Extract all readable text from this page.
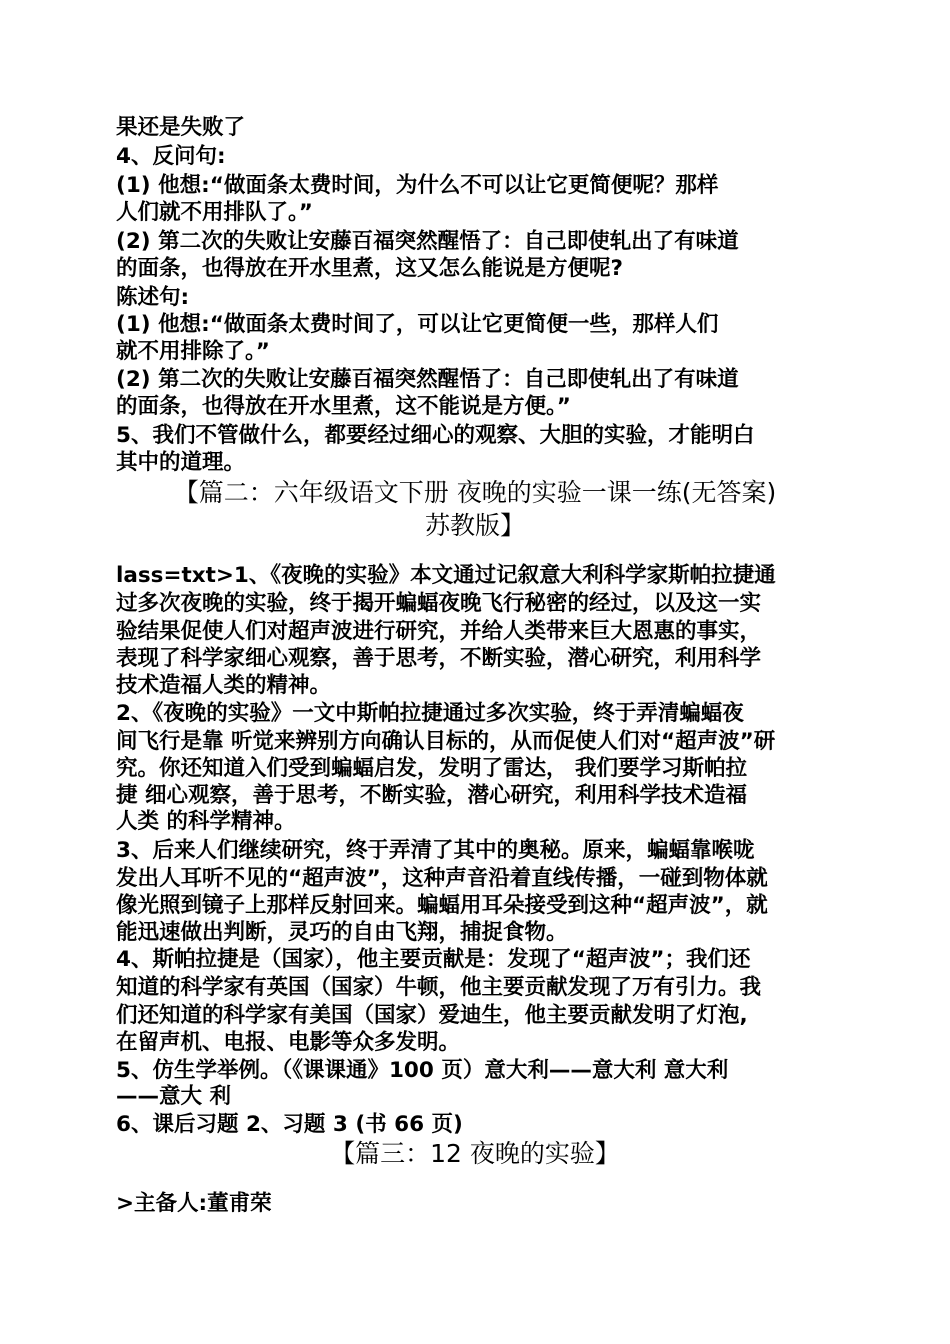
果还是失败了
4、反问句:
(1) 他想:“做面条太费时间，为什么不可以让它更简便呢？那样
人们就不用排队了。”
(2) 第二次的失败让安藤百福突然醒悟了：自己即使轧出了有味道
的面条，也得放在开水里煮，这又怎么能说是方便呢?
陈述句:
(1) 他想:“做面条太费时间了，可以让它更简便一些，那样人们
就不用排除了。”
(2) 第二次的失败让安藤百福突然醒悟了：自己即使轧出了有味道
的面条，也得放在开水里煮，这不能说是方便。”
5、我们不管做什么，都要经过细心的观察、大胆的实验，才能明白
其中的道理。
【篇二：六年级语文下册 夜晚的实验一课一练(无答案)
苏教版】
lass=txt>1、《夜晚的实验》本文通过记叙意大利科学家斯帕拉捷通
过多次夜晚的实验，终于揭开蝙蝠夜晚飞行秘密的经过，以及这一实
验结果促使人们对超声波进行研究，并给人类带来巨大恩惠的事实，
表现了科学家细心观察，善于思考，不断实验，潜心研究，利用科学
技术造福人类的精神。
2、《夜晚的实验》一文中斯帕拉捷通过多次实验，终于弄清蝙蝠夜
间飞行是靠 听觉来辨别方向确认目标的，从而促使人们对“超声波”研
究。你还知道入们受到蝙蝠启发，发明了雷达， 我们要学习斯帕拉
捷 细心观察，善于思考，不断实验，潜心研究，利用科学技术造福
人类 的科学精神。
3、后来人们继续研究，终于弄清了其中的奥秘。原来，蝙蝠靠喉咙
发出人耳听不见的“超声波”，这种声音沿着直线传播，一碰到物体就
像光照到镜子上那样反射回来。蝙蝠用耳朵接受到这种“超声波”，就
能迅速做出判断，灵巧的自由飞翔，捕捉食物。
4、斯帕拉捷是（国家），他主要贡献是：发现了“超声波”；我们还
知道的科学家有英国（国家）牛顿，他主要贡献发现了万有引力。我
们还知道的科学家有美国（国家）爱迪生，他主要贡献发明了灯泡,
在留声机、电报、电影等众多发明。
5、仿生学举例。（《课课通》100 页）意大利——意大利 意大利
——意大 利
6、课后习题 2、习题 3 (书 66 页)
【篇三：12 夜晚的实验】
>主备人:董甫荣
